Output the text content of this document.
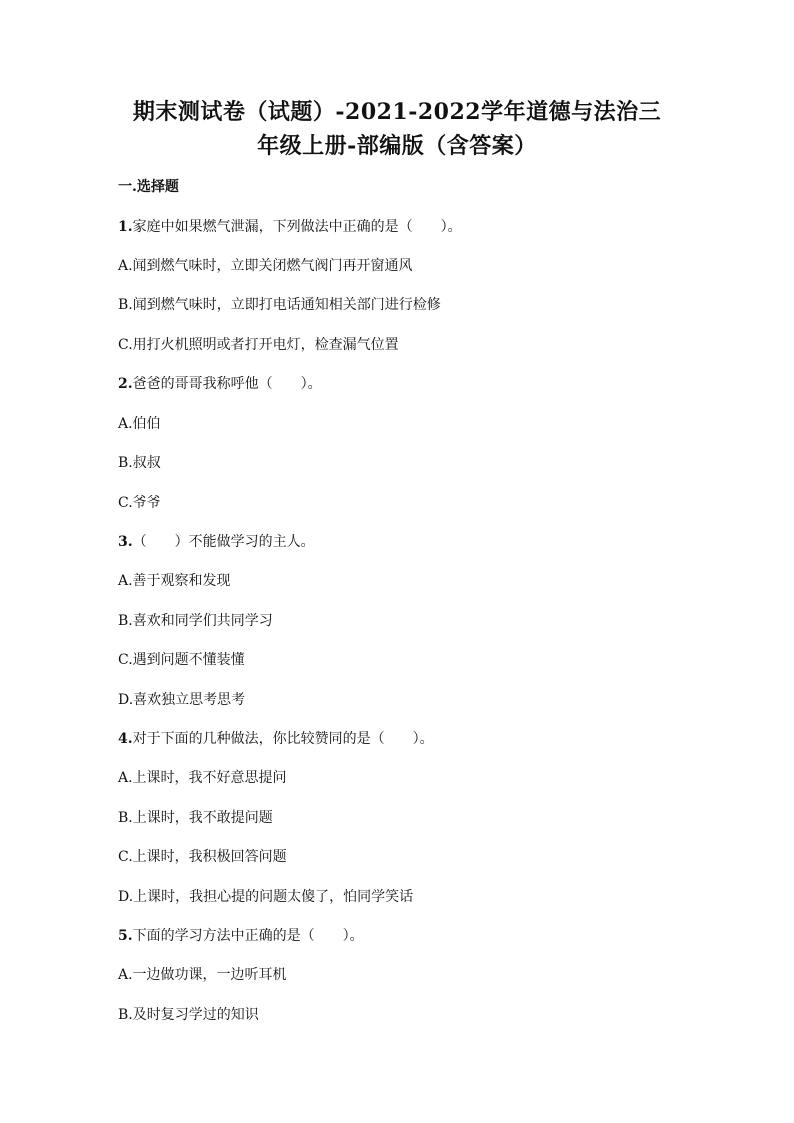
期末测试卷（试题）-2021-2022学年道德与法治三
年级上册-部编版（含答案）
一.选择题
1.家庭中如果燃气泄漏，下列做法中正确的是（　　）。
A.闻到燃气味时，立即关闭燃气阀门再开窗通风
B.闻到燃气味时，立即打电话通知相关部门进行检修
C.用打火机照明或者打开电灯，检查漏气位置
2.爸爸的哥哥我称呼他（　　）。
A.伯伯
B.叔叔
C.爷爷
3.（　　）不能做学习的主人。
A.善于观察和发现
B.喜欢和同学们共同学习
C.遇到问题不懂装懂
D.喜欢独立思考思考
4.对于下面的几种做法，你比较赞同的是（　　）。
A.上课时，我不好意思提问
B.上课时，我不敢提问题
C.上课时，我积极回答问题
D.上课时，我担心提的问题太傻了，怕同学笑话
5.下面的学习方法中正确的是（　　）。
A.一边做功课，一边听耳机
B.及时复习学过的知识
